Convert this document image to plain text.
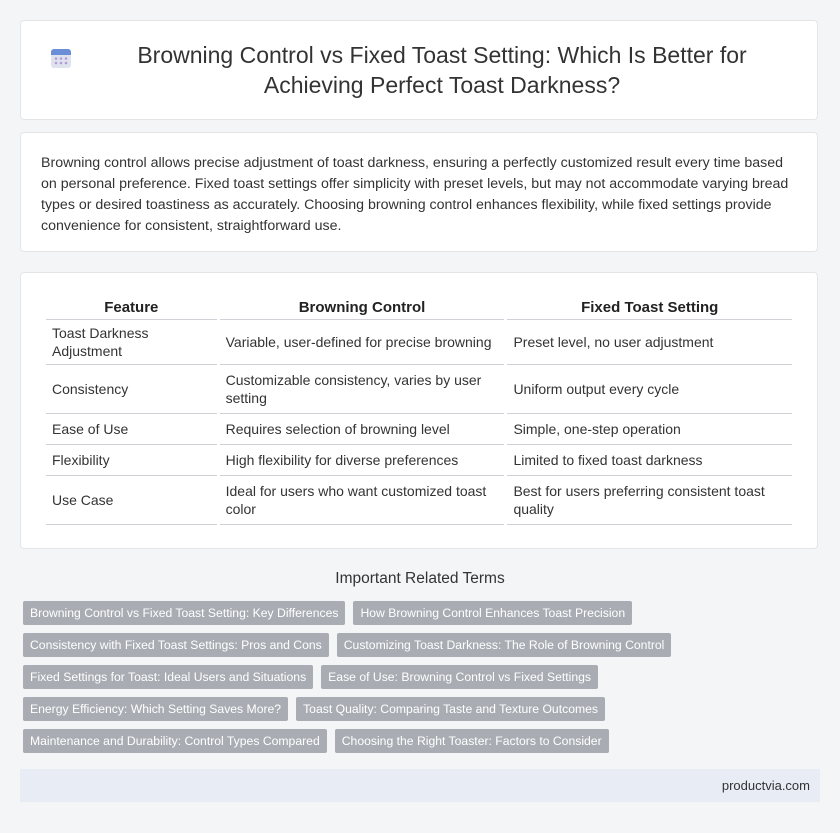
Browning Control vs Fixed Toast Setting: Which Is Better for Achieving Perfect Toast Darkness?

Browning control allows precise adjustment of toast darkness, ensuring a perfectly customized result every time based on personal preference. Fixed toast settings offer simplicity with preset levels, but may not accommodate varying bread types or desired toastiness as accurately. Choosing browning control enhances flexibility, while fixed settings provide convenience for consistent, straightforward use.

Feature	Browning Control	Fixed Toast Setting
Toast Darkness Adjustment	Variable, user-defined for precise browning	Preset level, no user adjustment
Consistency	Customizable consistency, varies by user setting	Uniform output every cycle
Ease of Use	Requires selection of browning level	Simple, one-step operation
Flexibility	High flexibility for diverse preferences	Limited to fixed toast darkness
Use Case	Ideal for users who want customized toast color	Best for users preferring consistent toast quality
Important Related Terms
Browning Control vs Fixed Toast Setting: Key Differences	How Browning Control Enhances Toast Precision
Consistency with Fixed Toast Settings: Pros and Cons	Customizing Toast Darkness: The Role of Browning Control
Fixed Settings for Toast: Ideal Users and Situations	Ease of Use: Browning Control vs Fixed Settings
Energy Efficiency: Which Setting Saves More?	Toast Quality: Comparing Taste and Texture Outcomes
Maintenance and Durability: Control Types Compared	Choosing the Right Toaster: Factors to Consider
productvia.com
